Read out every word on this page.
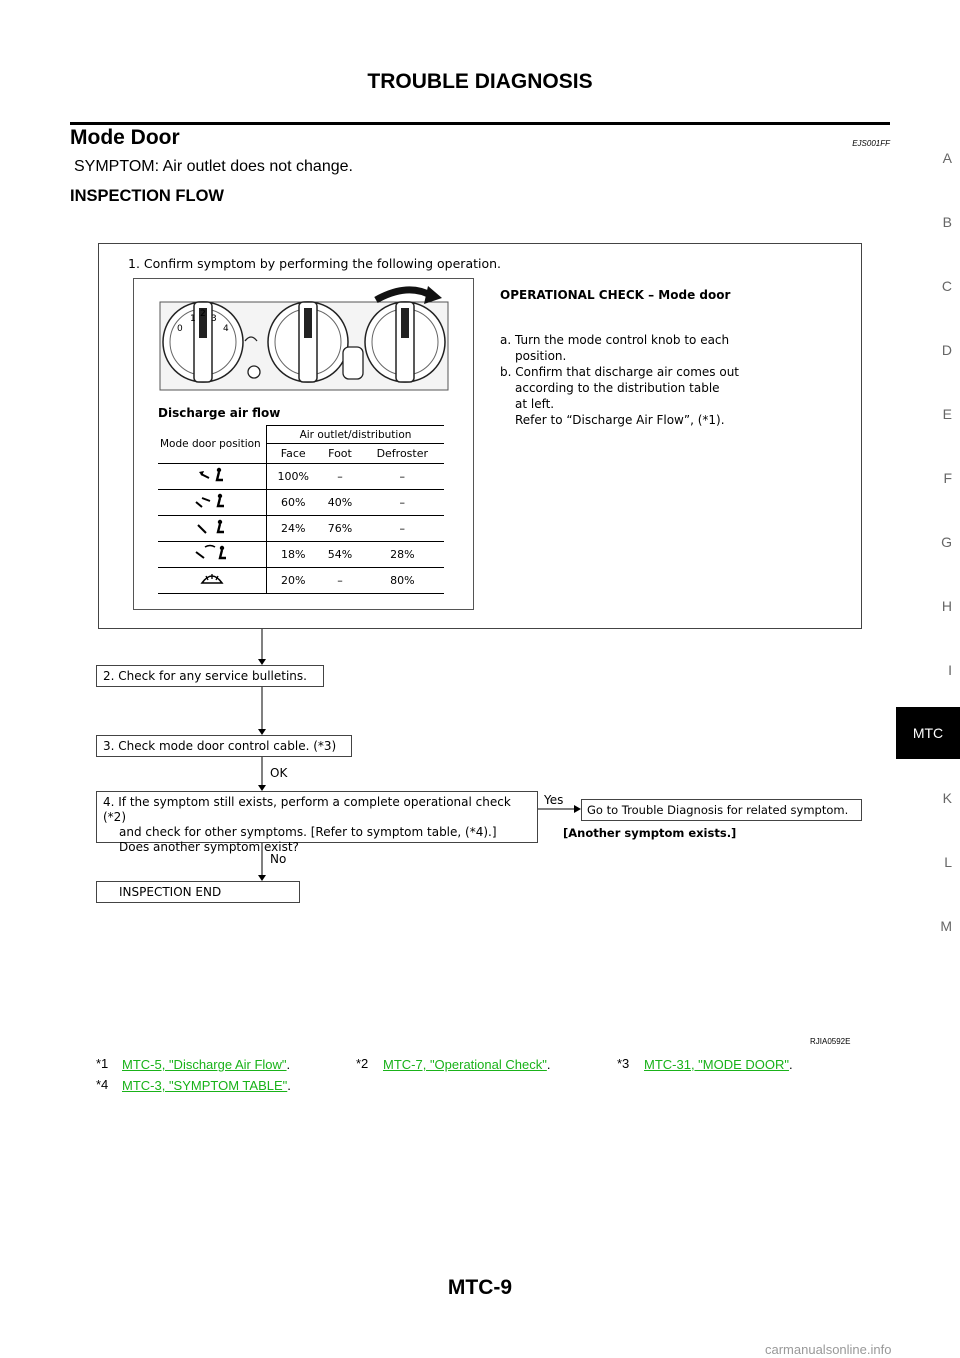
TROUBLE DIAGNOSIS
Mode Door	EJS001FF
SYMPTOM: Air outlet does not change.
INSPECTION FLOW
A
B
C
D
E
F
G
H
I
MTC
K
L
M
1. Confirm symptom by performing the following operation.
0
1 2 3
4
Discharge air flow
Mode door position	Air outlet/distribution		
	Face	Foot	Defroster
	100%	–	–
	60%	40%	–
	24%	76%	–
	18%	54%	28%
	20%	–	80%
OPERATIONAL CHECK – Mode door
a. Turn the mode control knob to each
position.
b. Confirm that discharge air comes out
according to the distribution table
at left.
Refer to “Discharge Air Flow”, (*1).
2. Check for any service bulletins.
3. Check mode door control cable. (*3)
OK
4. If the symptom still exists, perform a complete operational check (*2)
and check for other symptoms. [Refer to symptom table, (*4).]
Does another symptom exist?
Yes
Go to Trouble Diagnosis for related symptom.
[Another symptom exists.]
No
INSPECTION END
RJIA0592E
*1 MTC-5, "Discharge Air Flow".	*2 MTC-7, "Operational Check".	*3 MTC-31, "MODE DOOR".
*4 MTC-3, "SYMPTOM TABLE".
MTC-9
carmanualsonline.info
